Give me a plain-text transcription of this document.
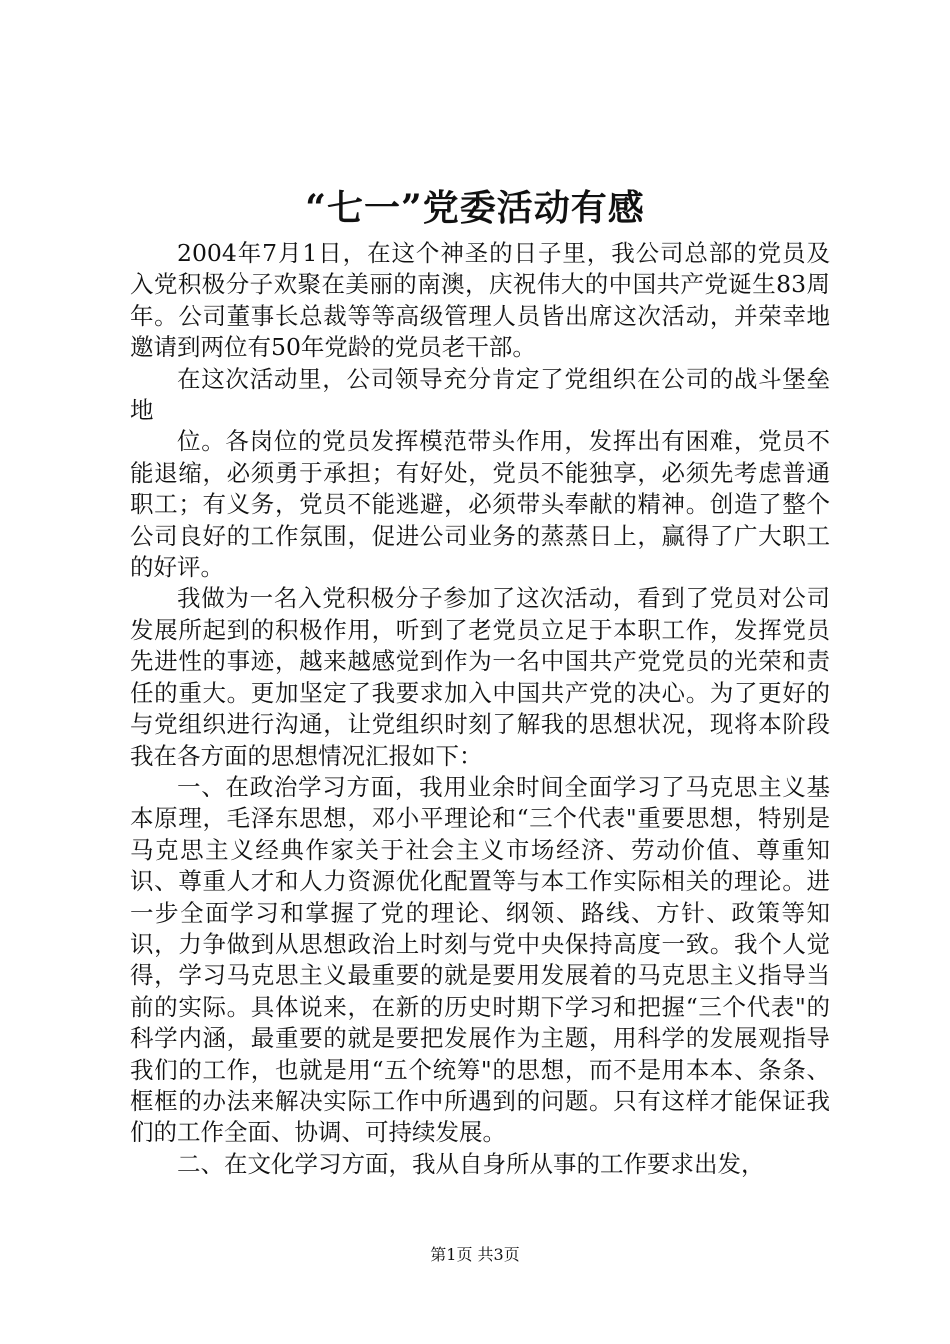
“七一”党委活动有感

2004年7月1日，在这个神圣的日子里，我公司总部的党员及入党积极分子欢聚在美丽的南澳，庆祝伟大的中国共产党诞生83周年。公司董事长总裁等等高级管理人员皆出席这次活动，并荣幸地邀请到两位有50年党龄的党员老干部。

在这次活动里，公司领导充分肯定了党组织在公司的战斗堡垒地

位。各岗位的党员发挥模范带头作用，发挥出有困难，党员不能退缩，必须勇于承担；有好处，党员不能独享，必须先考虑普通职工；有义务，党员不能逃避，必须带头奉献的精神。创造了整个公司良好的工作氛围，促进公司业务的蒸蒸日上，赢得了广大职工的好评。

我做为一名入党积极分子参加了这次活动，看到了党员对公司发展所起到的积极作用，听到了老党员立足于本职工作，发挥党员先进性的事迹，越来越感觉到作为一名中国共产党党员的光荣和责任的重大。更加坚定了我要求加入中国共产党的决心。为了更好的与党组织进行沟通，让党组织时刻了解我的思想状况，现将本阶段我在各方面的思想情况汇报如下：

一、在政治学习方面，我用业余时间全面学习了马克思主义基本原理，毛泽东思想，邓小平理论和“三个代表"重要思想，特别是马克思主义经典作家关于社会主义市场经济、劳动价值、尊重知识、尊重人才和人力资源优化配置等与本工作实际相关的理论。进一步全面学习和掌握了党的理论、纲领、路线、方针、政策等知识，力争做到从思想政治上时刻与党中央保持高度一致。我个人觉得，学习马克思主义最重要的就是要用发展着的马克思主义指导当前的实际。具体说来，在新的历史时期下学习和把握“三个代表"的科学内涵，最重要的就是要把发展作为主题，用科学的发展观指导我们的工作，也就是用“五个统筹"的思想，而不是用本本、条条、框框的办法来解决实际工作中所遇到的问题。只有这样才能保证我们的工作全面、协调、可持续发展。

二、在文化学习方面，我从自身所从事的工作要求出发，

第1页 共3页
